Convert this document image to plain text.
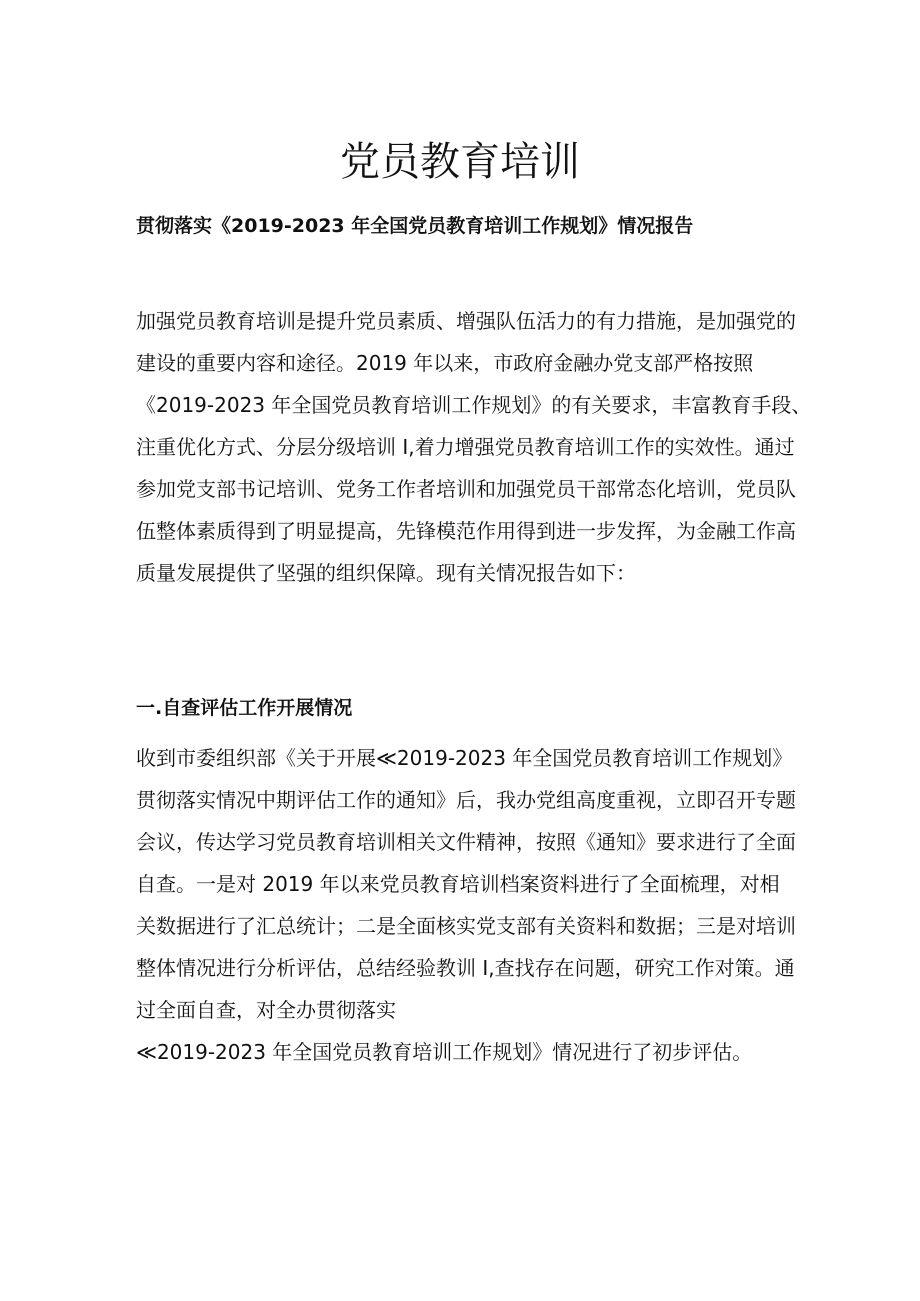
党员教育培训
贯彻落实《2019-2023 年全国党员教育培训工作规划》情况报告
加强党员教育培训是提升党员素质、增强队伍活力的有力措施，是加强党的
建设的重要内容和途径。2019 年以来，市政府金融办党支部严格按照
《2019-2023 年全国党员教育培训工作规划》的有关要求，丰富教育手段、
注重优化方式、分层分级培训 I,着力增强党员教育培训工作的实效性。通过
参加党支部书记培训、党务工作者培训和加强党员干部常态化培训，党员队
伍整体素质得到了明显提高，先锋模范作用得到进一步发挥，为金融工作高
质量发展提供了坚强的组织保障。现有关情况报告如下：
一.自查评估工作开展情况
收到市委组织部《关于开展≪2019-2023 年全国党员教育培训工作规划》
贯彻落实情况中期评估工作的通知》后，我办党组高度重视，立即召开专题
会议，传达学习党员教育培训相关文件精神，按照《通知》要求进行了全面
自查。一是对 2019 年以来党员教育培训档案资料进行了全面梳理，对相
关数据进行了汇总统计；二是全面核实党支部有关资料和数据；三是对培训
整体情况进行分析评估，总结经验教训 I,查找存在问题，研究工作对策。通
过全面自查，对全办贯彻落实
≪2019-2023 年全国党员教育培训工作规划》情况进行了初步评估。
